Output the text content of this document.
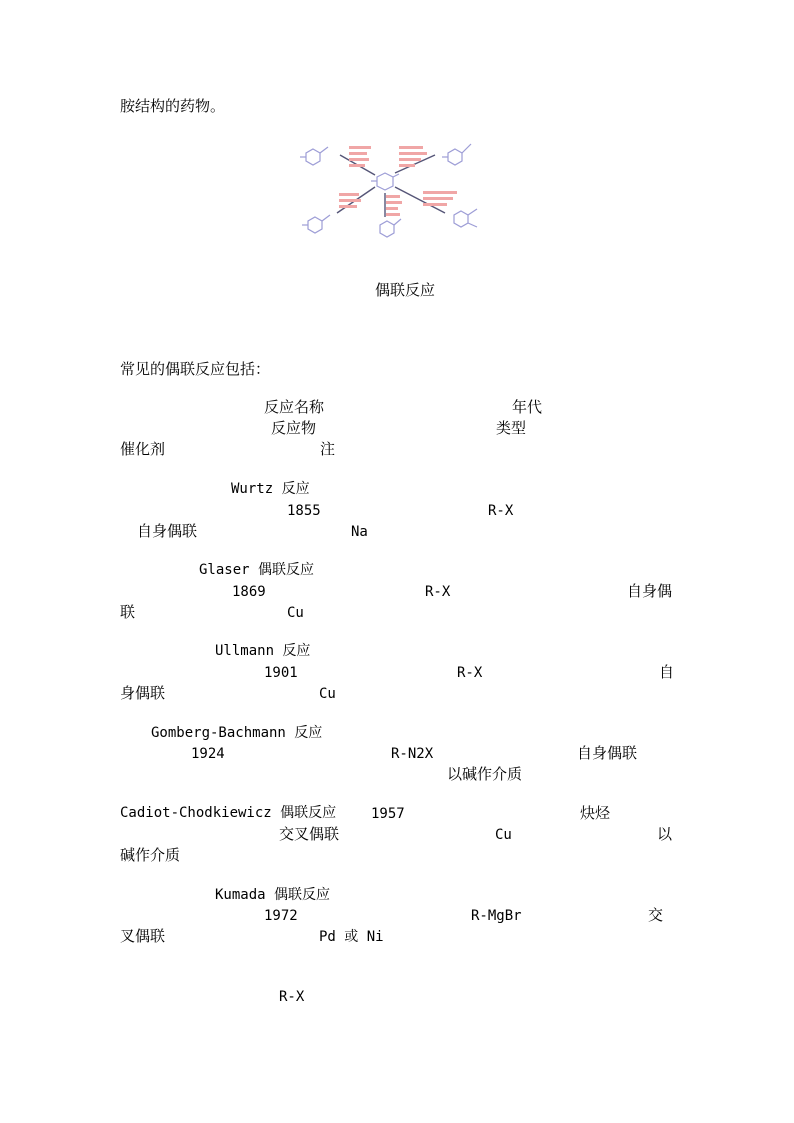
胺结构的药物。
偶联反应
常见的偶联反应包括：
反应名称	年代
反应物	类型
催化剂	注
Wurtz 反应
1855	R-X
自身偶联	Na
Glaser 偶联反应
1869	R-X	自身偶
联	Cu
Ullmann 反应
1901	R-X	自
身偶联	Cu
Gomberg-Bachmann 反应
1924	R-N2X	自身偶联
以碱作介质
Cadiot-Chodkiewicz 偶联反应 1957	炔烃
交叉偶联	Cu	以
碱作介质
Kumada 偶联反应
1972	R-MgBr	交
叉偶联	Pd 或 Ni
R-X
